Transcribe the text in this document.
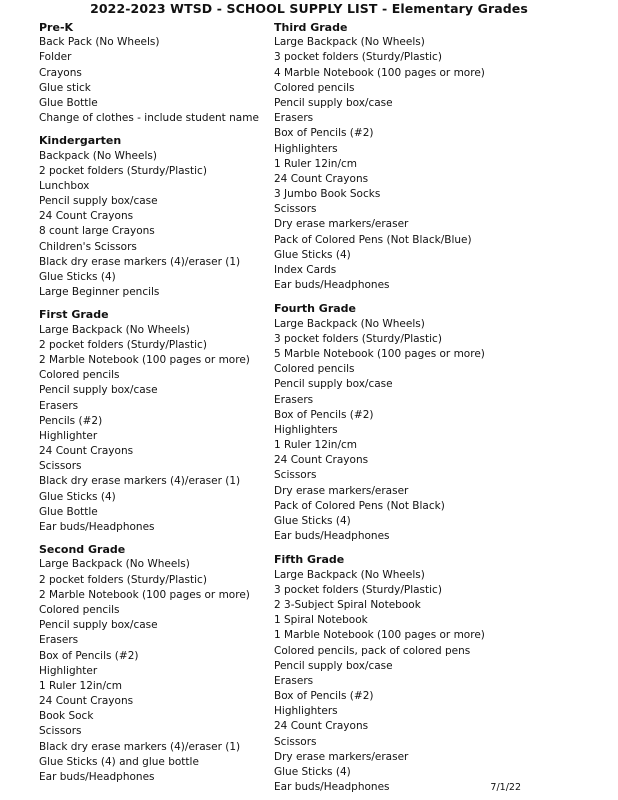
2022-2023 WTSD - SCHOOL SUPPLY LIST - Elementary Grades
Pre-K
Back Pack (No Wheels)
Folder
Crayons
Glue stick
Glue Bottle
Change of clothes - include student name
Kindergarten
Backpack (No Wheels)
2 pocket folders (Sturdy/Plastic)
Lunchbox
Pencil supply box/case
24 Count Crayons
8 count large Crayons
Children's Scissors
Black dry erase markers (4)/eraser (1)
Glue Sticks (4)
Large Beginner pencils
First Grade
Large Backpack (No Wheels)
2 pocket folders (Sturdy/Plastic)
2 Marble Notebook (100 pages or more)
Colored pencils
Pencil supply box/case
Erasers
Pencils (#2)
Highlighter
24 Count Crayons
Scissors
Black dry erase markers (4)/eraser (1)
Glue Sticks (4)
Glue Bottle
Ear buds/Headphones
Second Grade
Large Backpack (No Wheels)
2 pocket folders (Sturdy/Plastic)
2 Marble Notebook (100 pages or more)
Colored pencils
Pencil supply box/case
Erasers
Box of Pencils (#2)
Highlighter
1 Ruler 12in/cm
24 Count Crayons
Book Sock
Scissors
Black dry erase markers (4)/eraser (1)
Glue Sticks (4) and glue bottle
Ear buds/Headphones
Third Grade
Large Backpack (No Wheels)
3 pocket folders (Sturdy/Plastic)
4 Marble Notebook (100 pages or more)
Colored pencils
Pencil supply box/case
Erasers
Box of Pencils (#2)
Highlighters
1 Ruler 12in/cm
24 Count Crayons
3 Jumbo Book Socks
Scissors
Dry erase markers/eraser
Pack of Colored Pens (Not Black/Blue)
Glue Sticks (4)
Index Cards
Ear buds/Headphones
Fourth Grade
Large Backpack (No Wheels)
3 pocket folders (Sturdy/Plastic)
5 Marble Notebook (100 pages or more)
Colored pencils
Pencil supply box/case
Erasers
Box of Pencils (#2)
Highlighters
1 Ruler 12in/cm
24 Count Crayons
Scissors
Dry erase markers/eraser
Pack of Colored Pens (Not Black)
Glue Sticks (4)
Ear buds/Headphones
Fifth Grade
Large Backpack (No Wheels)
3 pocket folders (Sturdy/Plastic)
2 3-Subject Spiral Notebook
1 Spiral Notebook
1 Marble Notebook (100 pages or more)
Colored pencils, pack of colored pens
Pencil supply box/case
Erasers
Box of Pencils (#2)
Highlighters
24 Count Crayons
Scissors
Dry erase markers/eraser
Glue Sticks (4)
Ear buds/Headphones	7/1/22
